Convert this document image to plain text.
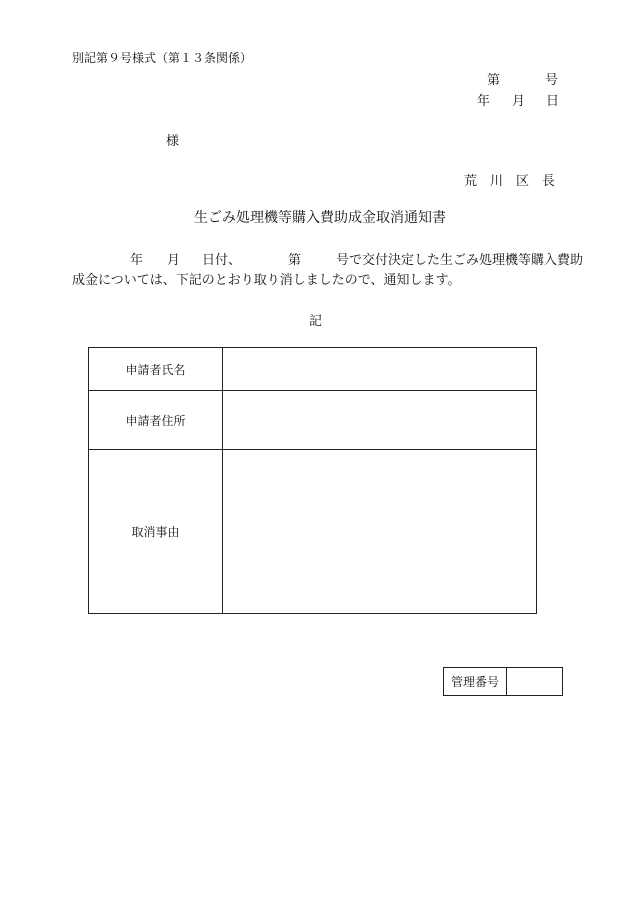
別記第９号様式（第１３条関係）
第	号
年 月 日
様
荒　川　区　長
生ごみ処理機等購入費助成金取消通知書
年 月 日付、	第	号で交付決定した生ごみ処理機等購入費助
成金については、下記のとおり取り消しましたので、通知します。
記
申請者氏名	
申請者住所	
取消事由	
管理番号	
